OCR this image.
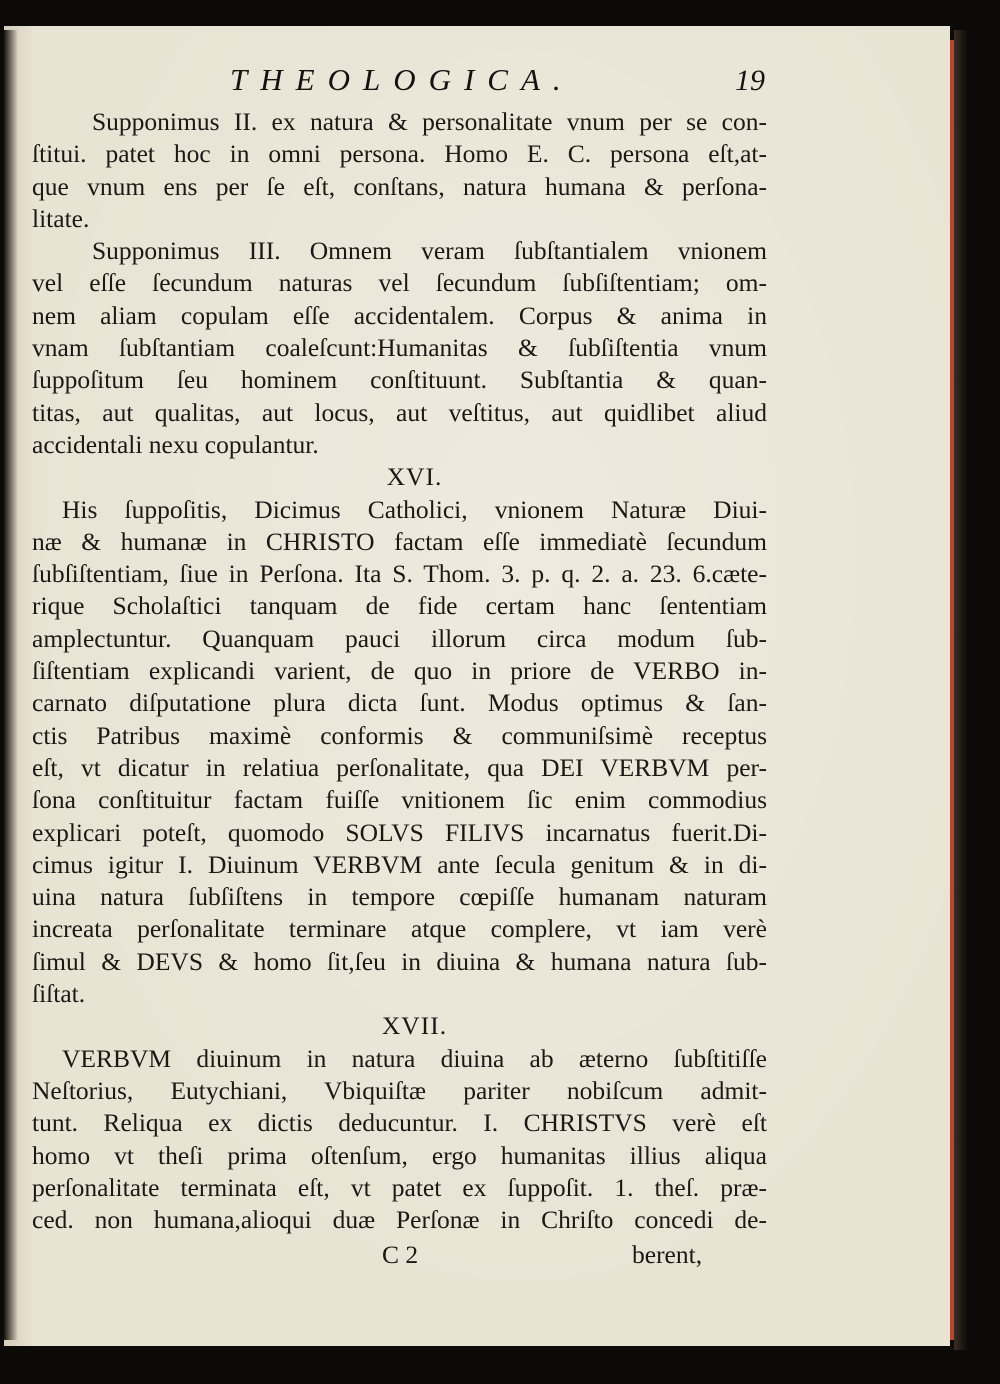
THEOLOGICA.	19
Supponimus II. ex natura & personalitate vnum per se con-
ſtitui. patet hoc in omni persona. Homo E. C. persona eſt,at-
que vnum ens per ſe eſt, conſtans, natura humana & perſona-
litate.
Supponimus III. Omnem veram ſubſtantialem vnionem
vel eſſe ſecundum naturas vel ſecundum ſubſiſtentiam; om-
nem aliam copulam eſſe accidentalem. Corpus & anima in
vnam ſubſtantiam coaleſcunt:Humanitas & ſubſiſtentia vnum
ſuppoſitum ſeu hominem conſtituunt. Subſtantia & quan-
titas, aut qualitas, aut locus, aut veſtitus, aut quidlibet aliud
accidentali nexu copulantur.
XVI.
His ſuppoſitis, Dicimus Catholici, vnionem Naturæ Diui-
næ & humanæ in CHRISTO factam eſſe immediatè ſecundum
ſubſiſtentiam, ſiue in Perſona. Ita S. Thom. 3. p. q. 2. a. 23. 6.cæte-
rique Scholaſtici tanquam de fide certam hanc ſententiam
amplectuntur. Quanquam pauci illorum circa modum ſub-
ſiſtentiam explicandi varient, de quo in priore de VERBO in-
carnato diſputatione plura dicta ſunt. Modus optimus & ſan-
ctis Patribus maximè conformis & communiſsimè receptus
eſt, vt dicatur in relatiua perſonalitate, qua DEI VERBVM per-
ſona conſtituitur factam fuiſſe vnitionem ſic enim commodius
explicari poteſt, quomodo SOLVS FILIVS incarnatus fuerit.Di-
cimus igitur I. Diuinum VERBVM ante ſecula genitum & in di-
uina natura ſubſiſtens in tempore cœpiſſe humanam naturam
increata perſonalitate terminare atque complere, vt iam verè
ſimul & DEVS & homo ſit,ſeu in diuina & humana natura ſub-
ſiſtat.
XVII.
VERBVM diuinum in natura diuina ab æterno ſubſtitiſſe
Neſtorius, Eutychiani, Vbiquiſtæ pariter nobiſcum admit-
tunt. Reliqua ex dictis deducuntur. I. CHRISTVS verè eſt
homo vt theſi prima oſtenſum, ergo humanitas illius aliqua
perſonalitate terminata eſt, vt patet ex ſuppoſit. 1. theſ. præ-
ced. non humana,alioqui duæ Perſonæ in Chriſto concedi de-
C 2	berent,
